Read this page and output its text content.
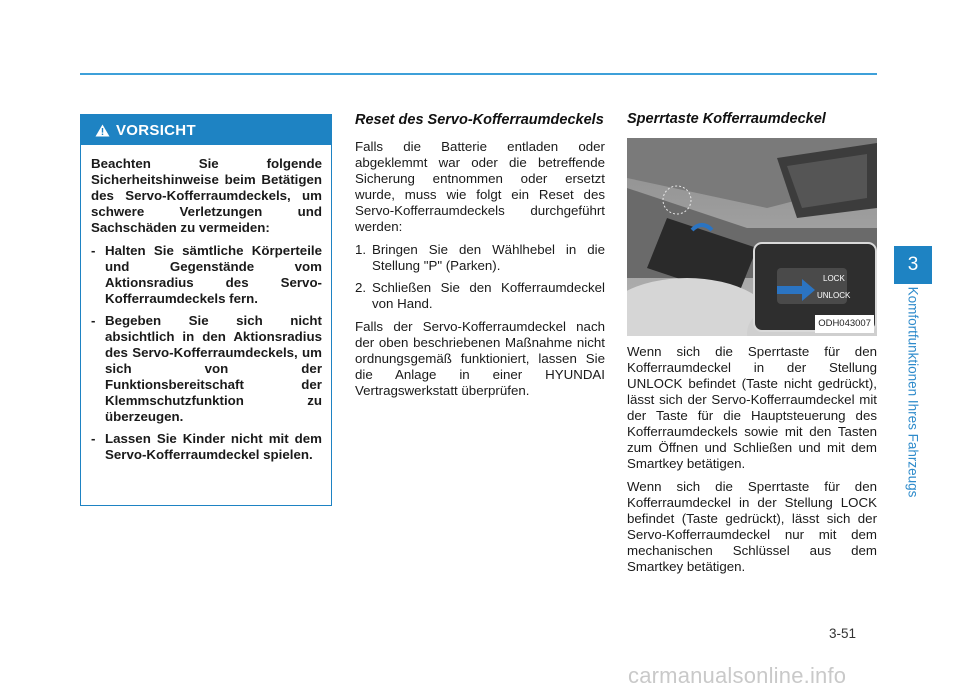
VORSICHT

Beachten Sie folgende Sicherheitshinweise beim Betätigen des Servo-Kofferraumdeckels, um schwere Verletzungen und Sachschäden zu vermeiden:

- Halten Sie sämtliche Körperteile und Gegenstände vom Aktionsradius des Servo-Kofferraumdeckels fern.
- Begeben Sie sich nicht absichtlich in den Aktionsradius des Servo-Kofferraumdeckels, um sich von der Funktionsbereitschaft der Klemmschutzfunktion zu überzeugen.
- Lassen Sie Kinder nicht mit dem Servo-Kofferraumdeckel spielen.
Reset des Servo-Kofferraumdeckels

Falls die Batterie entladen oder abgeklemmt war oder die betreffende Sicherung entnommen oder ersetzt wurde, muss wie folgt ein Reset des Servo-Kofferraumdeckels durchgeführt werden:

1. Bringen Sie den Wählhebel in die Stellung "P" (Parken).
2. Schließen Sie den Kofferraumdeckel von Hand.

Falls der Servo-Kofferraumdeckel nach der oben beschriebenen Maßnahme nicht ordnungsgemäß funktioniert, lassen Sie die Anlage in einer HYUNDAI Vertragswerkstatt überprüfen.

Sperrtaste Kofferraumdeckel
LOCK
UNLOCK
ODH043007

Wenn sich die Sperrtaste für den Kofferraumdeckel in der Stellung UNLOCK befindet (Taste nicht gedrückt), lässt sich der Servo-Kofferraumdeckel mit der Taste für die Hauptsteuerung des Kofferraumdeckels sowie mit den Tasten zum Öffnen und Schließen und mit dem Smartkey betätigen.

Wenn sich die Sperrtaste für den Kofferraumdeckel in der Stellung LOCK befindet (Taste gedrückt), lässt sich der Servo-Kofferraumdeckel nur mit dem mechanischen Schlüssel aus dem Smartkey betätigen.

3
Komfortfunktionen Ihres Fahrzeugs
3-51
carmanualsonline.info
